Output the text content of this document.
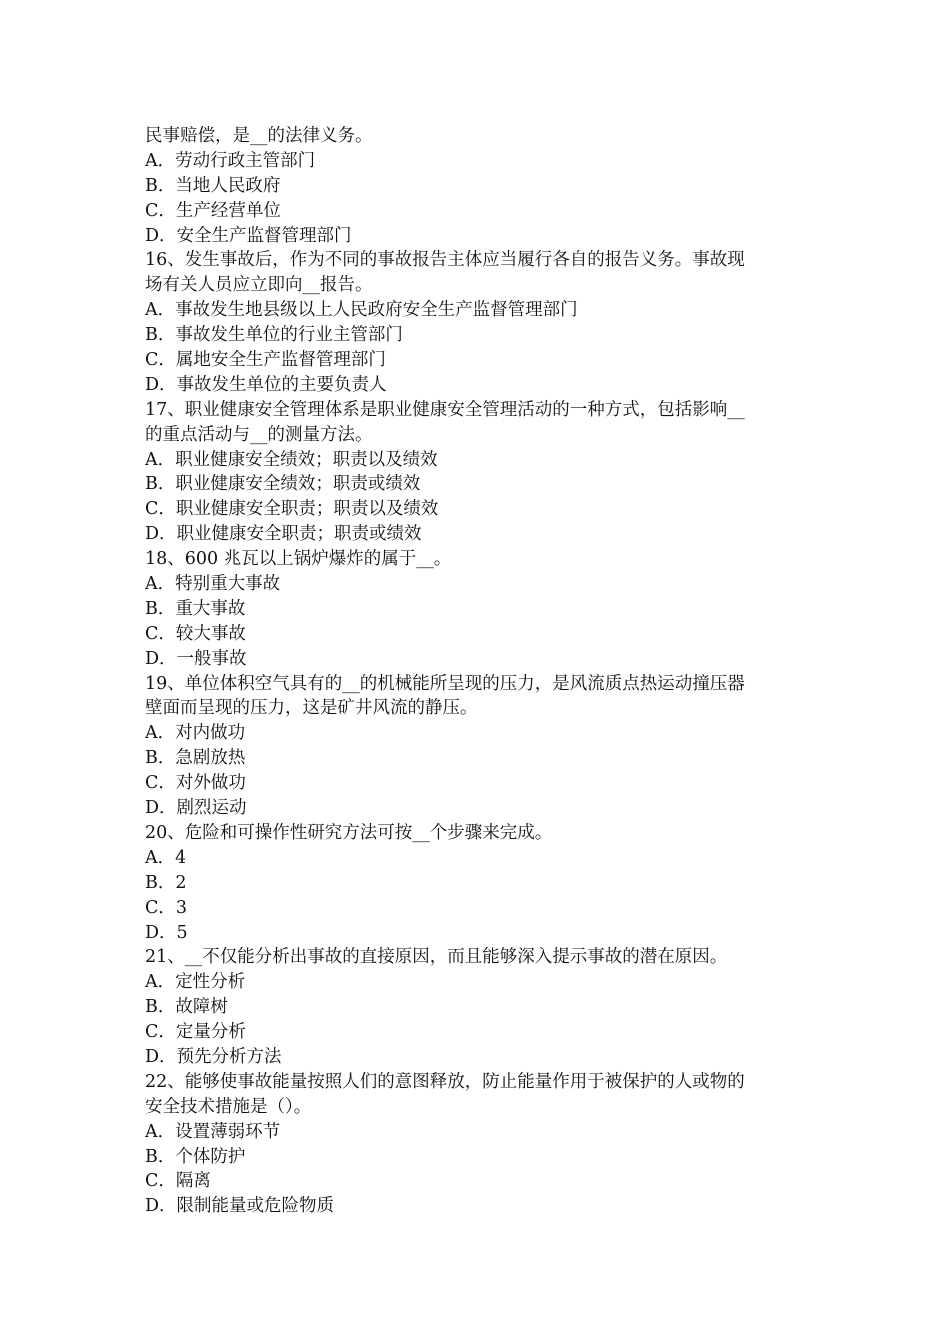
民事赔偿，是__的法律义务。
A．劳动行政主管部门
B．当地人民政府
C．生产经营单位
D．安全生产监督管理部门
16、发生事故后，作为不同的事故报告主体应当履行各自的报告义务。事故现
场有关人员应立即向__报告。
A．事故发生地县级以上人民政府安全生产监督管理部门
B．事故发生单位的行业主管部门
C．属地安全生产监督管理部门
D．事故发生单位的主要负责人
17、职业健康安全管理体系是职业健康安全管理活动的一种方式，包括影响__
的重点活动与__的测量方法。
A．职业健康安全绩效；职责以及绩效
B．职业健康安全绩效；职责或绩效
C．职业健康安全职责；职责以及绩效
D．职业健康安全职责；职责或绩效
18、600 兆瓦以上锅炉爆炸的属于__。
A．特别重大事故
B．重大事故
C．较大事故
D．一般事故
19、单位体积空气具有的__的机械能所呈现的压力，是风流质点热运动撞压器
壁面而呈现的压力，这是矿井风流的静压。
A．对内做功
B．急剧放热
C．对外做功
D．剧烈运动
20、危险和可操作性研究方法可按__个步骤来完成。
A．4
B．2
C．3
D．5
21、__不仅能分析出事故的直接原因，而且能够深入提示事故的潜在原因。
A．定性分析
B．故障树
C．定量分析
D．预先分析方法
22、能够使事故能量按照人们的意图释放，防止能量作用于被保护的人或物的
安全技术措施是（）。
A．设置薄弱环节
B．个体防护
C．隔离
D．限制能量或危险物质
